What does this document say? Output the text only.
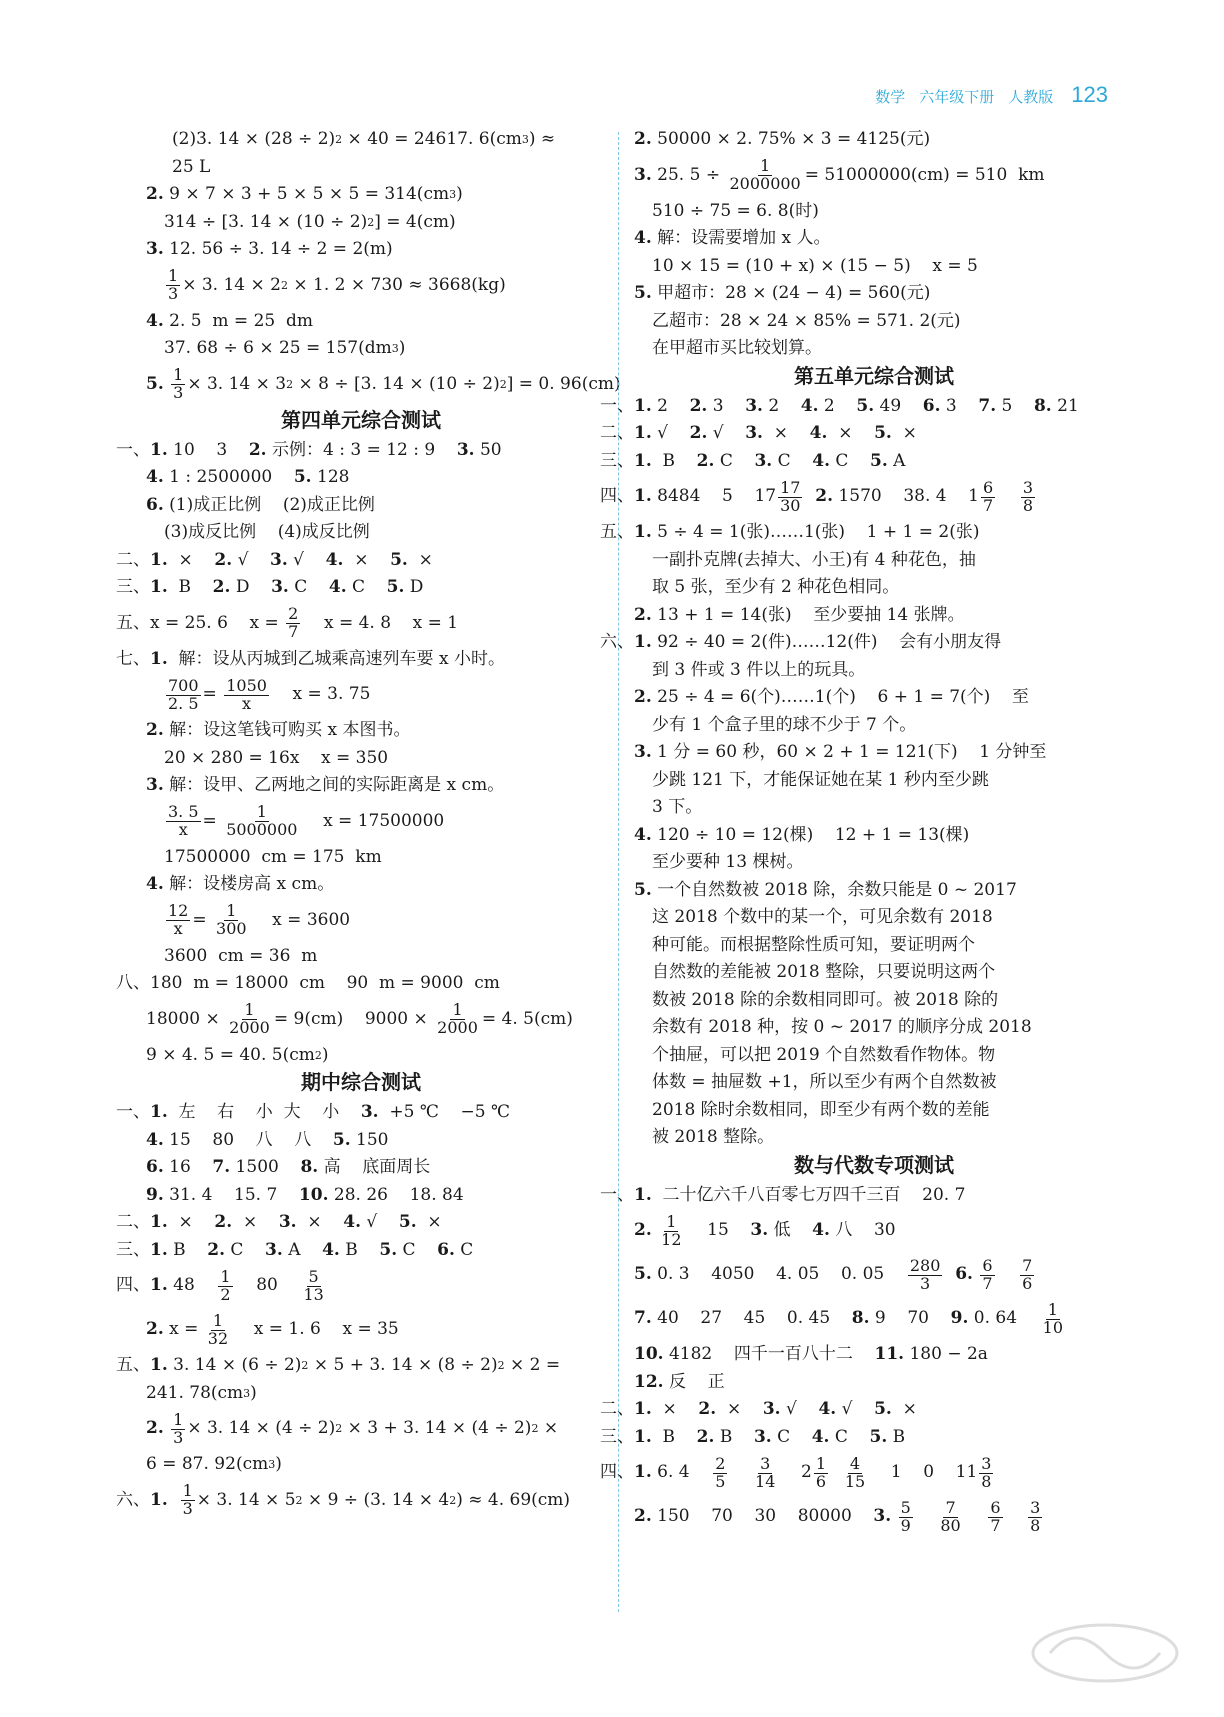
数学 六年级下册 人教版 123
(2)3. 14 × (28 ÷ 2) 2 × 40 = 24617. 6(cm 3 ) ≈
25 L
2. 9 × 7 × 3 + 5 × 5 × 5 = 314(cm 3 )
314 ÷ [3. 14 × (10 ÷ 2) 2 ] = 4(cm)
3. 12. 56 ÷ 3. 14 ÷ 2 = 2(m)
$\frac{1}{3} \times 3$. 14 × 2 2 × 1. 2 × 730 ≈ 3668(kg)
4. 2. 5  m = 25  dm
37. 68 ÷ 6 × 25 = 157(dm 3 )
5.
$\frac{1}{3} \times 3$. 14 × 3 2 × 8 ÷ [3. 14 × (10 ÷ 2) 2 ] = 0. 96(cm)
第四单元综合测试
一、 1. 10    3 2. 示例：4 : 3 = 12 : 9 3. 50
4. 1 : 2500000 5. 128
6. (1)成正比例    (2)成正比例
(3)成反比例    (4)成反比例
二、 1. × 2. √ 3. √ 4. × 5. ×
三、 1. B 2. D 3. C 4. C 5. D
五、x = 25. 6    $x = \frac{2}{7}$ x = 4. 8    x = 1
七、 1. 解：设从丙城到乙城乘高速列车要 x 小时。
$\frac{700}{2. 5} = \frac{1050}{x}$ x = 3. 75
2. 解：设这笔钱可购买 x 本图书。
20 × 280 = 16x    x = 350
3. 解：设甲、乙两地之间的实际距离是 x cm。
$\frac{3. 5}{x} = \frac{1}{5000000}$ x = 17500000
17500000  cm = 175  km
4. 解：设楼房高 x cm。
$\frac{12}{x} = \frac{1}{300}$ x = 3600
3600  cm = 36  m
八、180  m = 18000  cm    90  m = 9000  cm
$18000 \times \frac{1}{2000} = 9(cm)$    $9000 \times \frac{1}{2000} = 4$. 5(cm)
9 × 4. 5 = 40. 5(cm 2 )
期中综合测试
一、 1. 左    右    小  大    小 3. +5 ℃    −5 ℃
4. 15    80    八    八 5. 150
6. 16 7. 1500 8. 高    底面周长
9. 31. 4    15. 7 10. 28. 26    18. 84
二、 1. × 2. × 3. × 4. √ 5. ×
三、 1. B 2. C 3. A 4. B 5. C 6. C
四、 1. $48 \frac{1}{2} 80 \frac{5}{13}$
2. $x = \frac{1}{32}$ x = 1. 6    x = 35
五、 1. 3. 14 × (6 ÷ 2) 2 × 5 + 3. 14 × (8 ÷ 2) 2 × 2 =
241. 78(cm 3 )
2.
$\frac{1}{3} \times 3$. 14 × (4 ÷ 2) 2 × 3 + 3. 14 × (4 ÷ 2) 2 ×
6 = 87. 92(cm 3 )
六、 1.
$\frac{1}{3} \times 3$. 14 × 5 2 × 9 ÷ (3. 14 × 4 2 ) ≈ 4. 69(cm)
2. 50000 × 2. 75% × 3 = 4125(元)
3. 25. $5 \div \frac{1}{2000000} = 51000000(cm) = 510$  km
510 ÷ 75 = 6. 8(时)
4. 解：设需要增加 x 人。
10 × 15 = (10 + x) × (15 − 5)    x = 5
5. 甲超市：28 × (24 − 4) = 560(元)
乙超市：28 × 24 × 85% = 571. 2(元)
在甲超市买比较划算。
第五单元综合测试
一、 1. 2 2. 3 3. 2 4. 2 5. 49 6. 3 7. 5 8. 21
二、 1. √ 2. √ 3. × 4. × 5. ×
三、 1. B 2. C 3. C 4. C 5. A
四、 1. 8484    5    $17 \frac{17}{30}$
2. 1570    38. 4    $1 \frac{6}{7}$
$\frac{3}{8}$
五、 1. 5 ÷ 4 = 1(张)……1(张)    1 + 1 = 2(张)
一副扑克牌(去掉大、小王)有 4 种花色，抽
取 5 张，至少有 2 种花色相同。
2. 13 + 1 = 14(张)    至少要抽 14 张牌。
六、 1. 92 ÷ 40 = 2(件)……12(件)    会有小朋友得
到 3 件或 3 件以上的玩具。
2. 25 ÷ 4 = 6(个)……1(个)    6 + 1 = 7(个)    至
少有 1 个盒子里的球不少于 7 个。
3. 1 分 = 60 秒，60 × 2 + 1 = 121(下)    1 分钟至
少跳 121 下，才能保证她在某 1 秒内至少跳
3 下。
4. 120 ÷ 10 = 12(棵)    12 + 1 = 13(棵)
至少要种 13 棵树。
5. 一个自然数被 2018 除，余数只能是 0 ~ 2017
这 2018 个数中的某一个，可见余数有 2018
种可能。而根据整除性质可知，要证明两个
自然数的差能被 2018 整除，只要说明这两个
数被 2018 除的余数相同即可。被 2018 除的
余数有 2018 种，按 0 ~ 2017 的顺序分成 2018
个抽屉，可以把 2019 个自然数看作物体。物
体数 = 抽屉数 +1，所以至少有两个自然数被
2018 除时余数相同，即至少有两个数的差能
被 2018 整除。
数与代数专项测试
一、 1. 二十亿六千八百零七万四千三百    20. 7
2.
$\frac{1}{12} 15$ 3. 低 4. 八    30
5. 0. 3    4050    4. 05    0. $05 \frac{280}{3}$
6.
$\frac{6}{7}$
$\frac{7}{6}$
7. 40    27    45    0. 45 8. 9    70 9. 0. $64 \frac{1}{10}$
10. 4182    四千一百八十二 11. 180 − 2a
12. 反    正
二、 1. × 2. × 3. √ 4. √ 5. ×
三、 1. B 2. B 3. C 4. C 5. B
四、 1. 6. $4 \frac{2}{5}$
$\frac{3}{14} 2 \frac{1}{6}$
$\frac{4}{15} 1$    0    $11 \frac{3}{8}$
2. 150    70    30    80000 3.
$\frac{5}{9}$
$\frac{7}{80}$
$\frac{6}{7}$
$\frac{3}{8}$
